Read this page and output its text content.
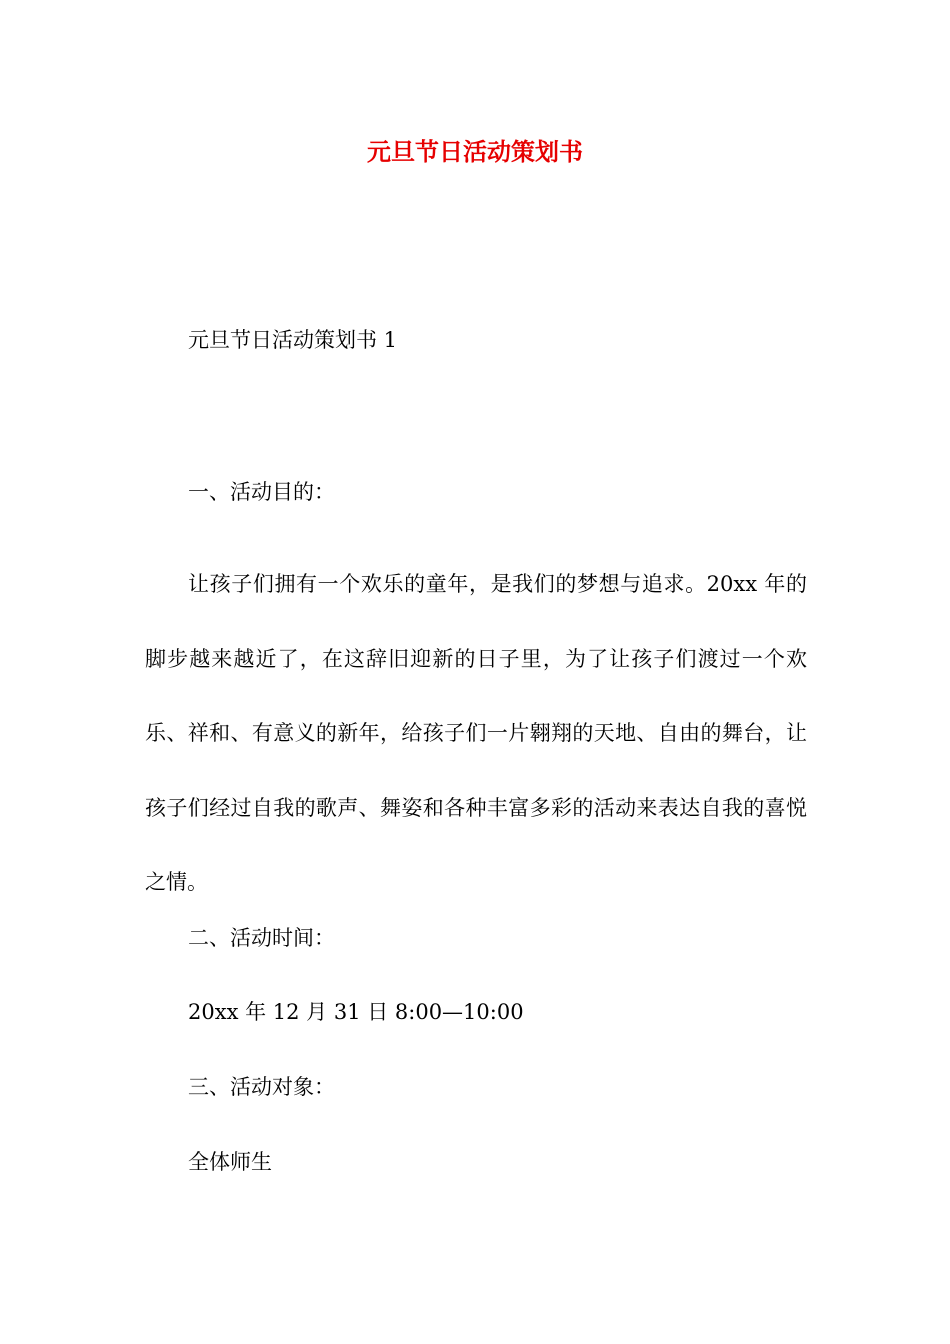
元旦节日活动策划书

元旦节日活动策划书 1

一、活动目的：

让孩子们拥有一个欢乐的童年，是我们的梦想与追求。20xx 年的脚步越来越近了，在这辞旧迎新的日子里，为了让孩子们渡过一个欢乐、祥和、有意义的新年，给孩子们一片翱翔的天地、自由的舞台，让孩子们经过自我的歌声、舞姿和各种丰富多彩的活动来表达自我的喜悦之情。

二、活动时间：

20xx 年 12 月 31 日 8:00—10:00

三、活动对象：

全体师生
